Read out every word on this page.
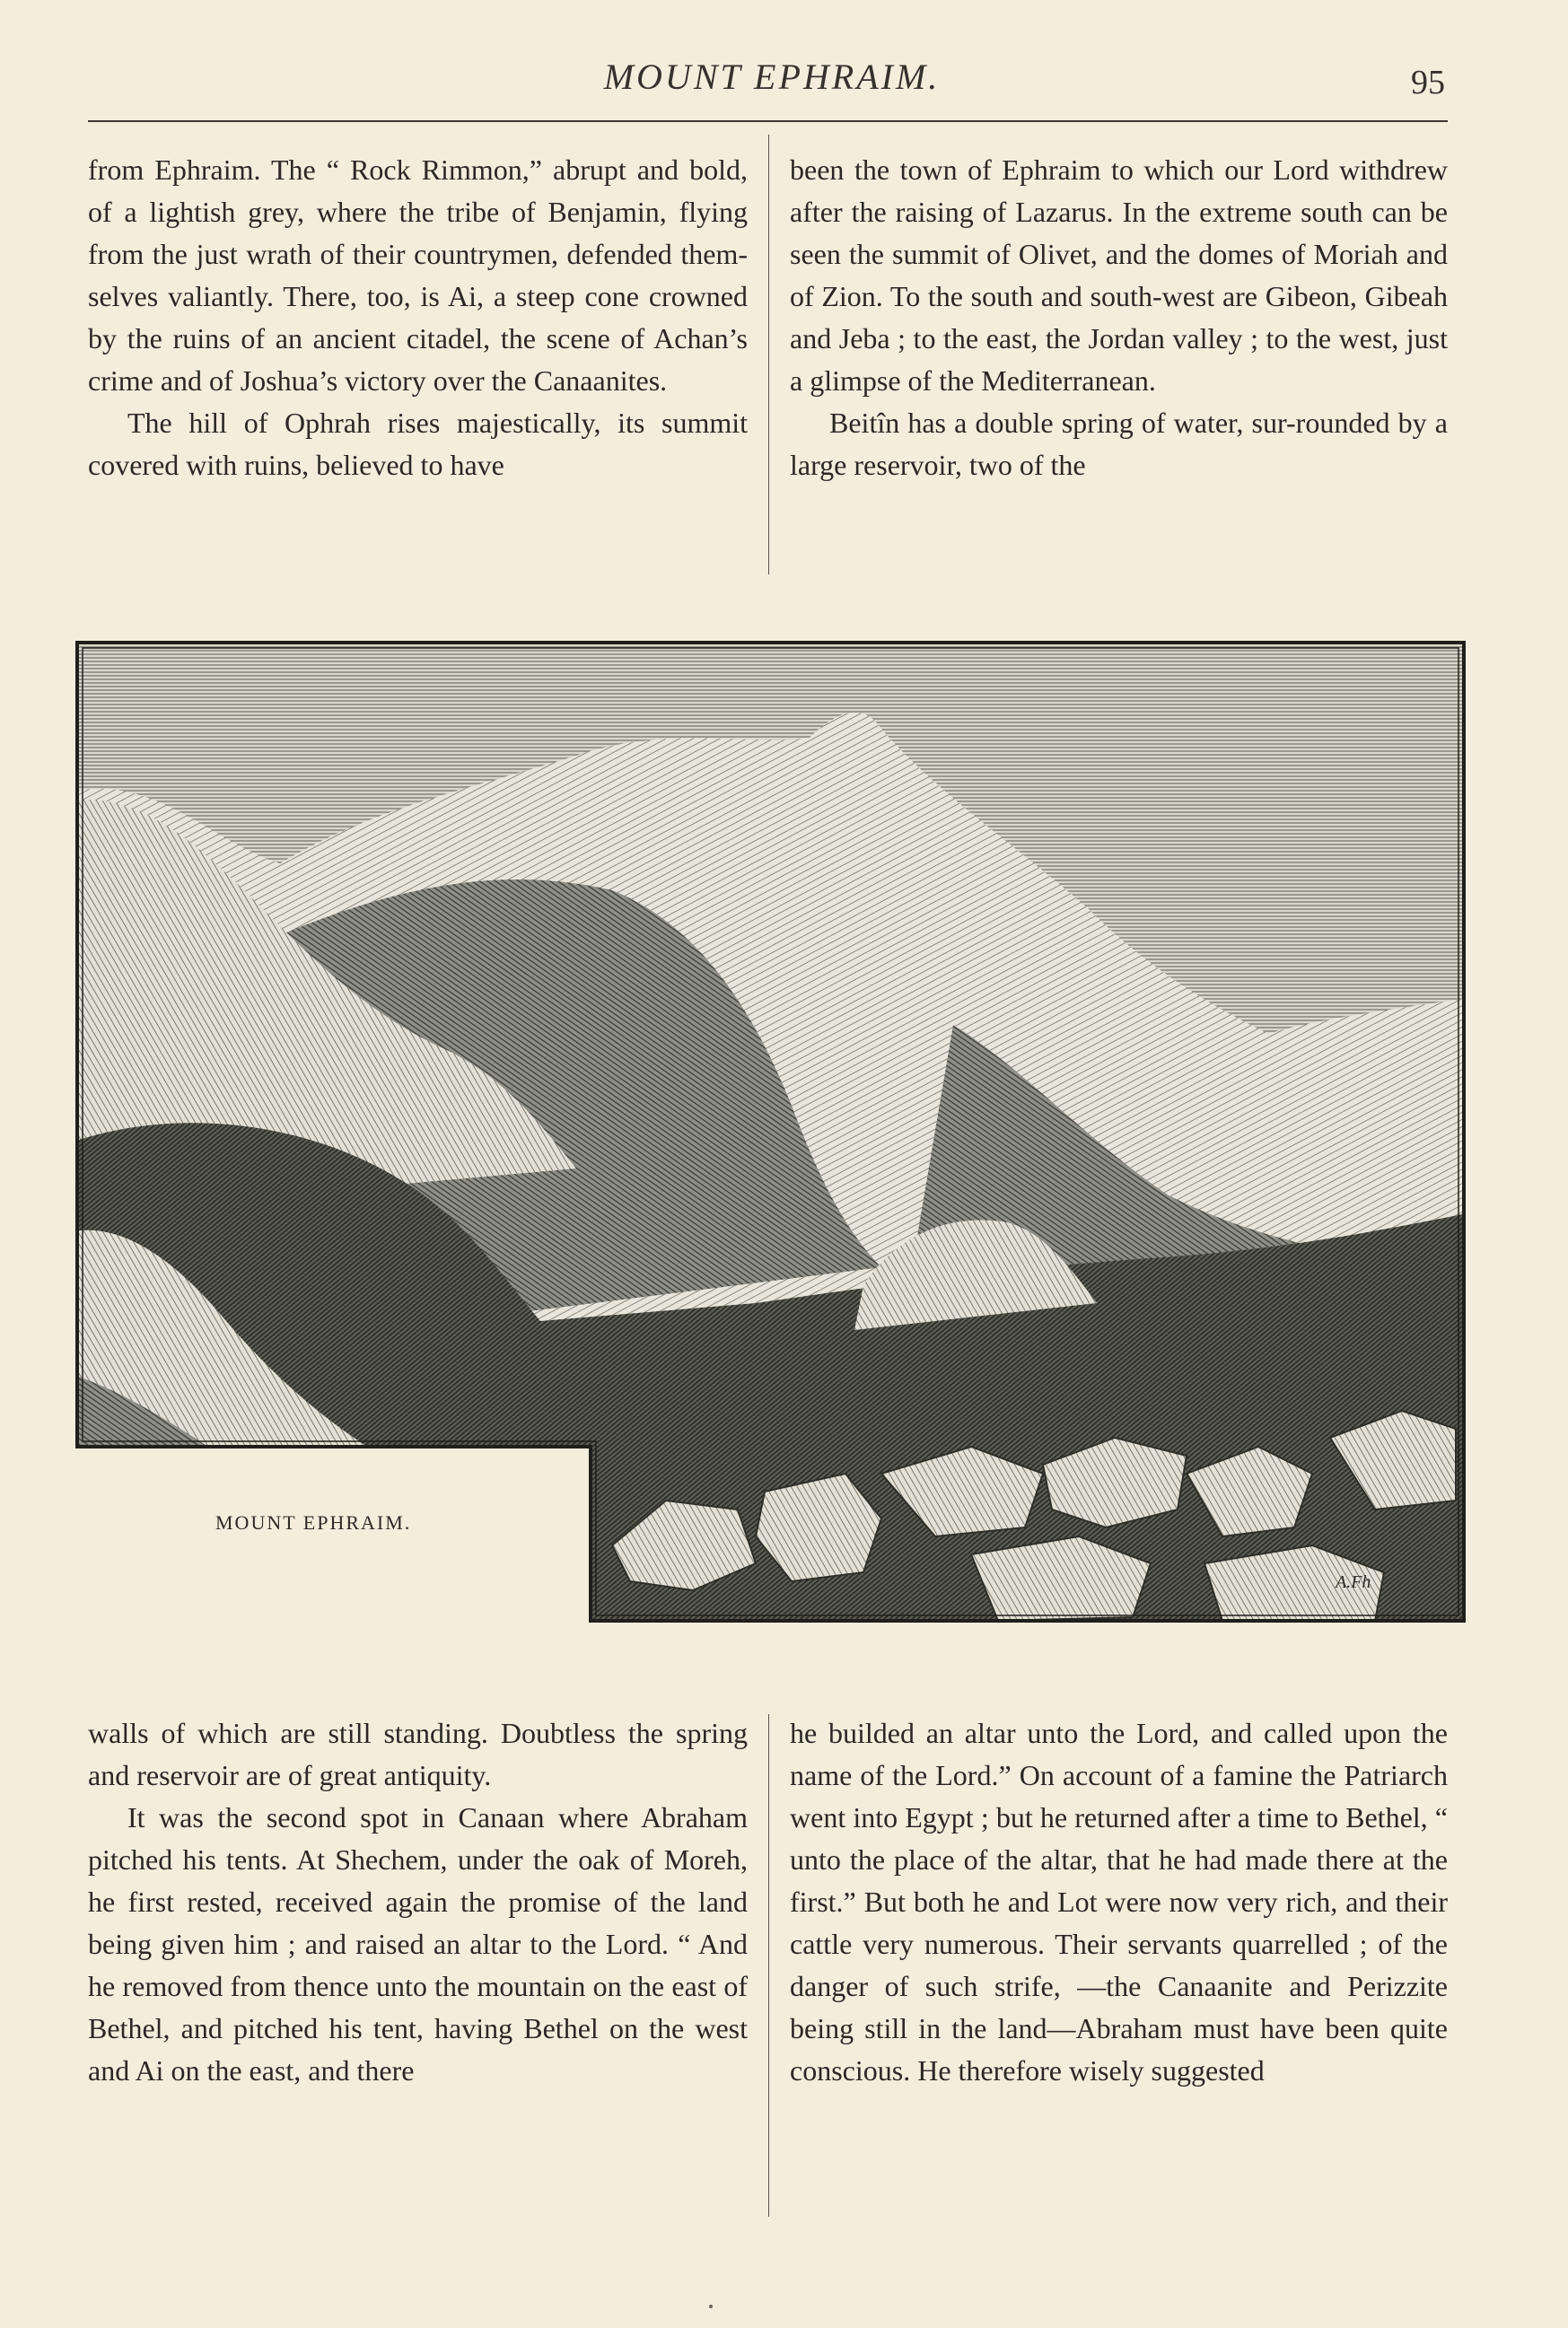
MOUNT EPHRAIM.	95

from Ephraim. The “ Rock Rimmon,” abrupt and bold, of a lightish grey, where the tribe of Benjamin, flying from the just wrath of their countrymen, defended them-selves valiantly. There, too, is Ai, a steep cone crowned by the ruins of an ancient citadel, the scene of Achan’s crime and of Joshua’s victory over the Canaanites.

The hill of Ophrah rises majestically, its summit covered with ruins, believed to have

been the town of Ephraim to which our Lord withdrew after the raising of Lazarus. In the extreme south can be seen the summit of Olivet, and the domes of Moriah and of Zion. To the south and south-west are Gibeon, Gibeah and Jeba ; to the east, the Jordan valley ; to the west, just a glimpse of the Mediterranean.

Beitîn has a double spring of water, sur-rounded by a large reservoir, two of the

MOUNT EPHRAIM.
A.Fh

walls of which are still standing. Doubtless the spring and reservoir are of great antiquity.

It was the second spot in Canaan where Abraham pitched his tents. At Shechem, under the oak of Moreh, he first rested, received again the promise of the land being given him ; and raised an altar to the Lord. “ And he removed from thence unto the mountain on the east of Bethel, and pitched his tent, having Bethel on the west and Ai on the east, and there

he builded an altar unto the Lord, and called upon the name of the Lord.” On account of a famine the Patriarch went into Egypt ; but he returned after a time to Bethel, “ unto the place of the altar, that he had made there at the first.” But both he and Lot were now very rich, and their cattle very numerous. Their servants quarrelled ; of the danger of such strife, —the Canaanite and Perizzite being still in the land—Abraham must have been quite conscious. He therefore wisely suggested
